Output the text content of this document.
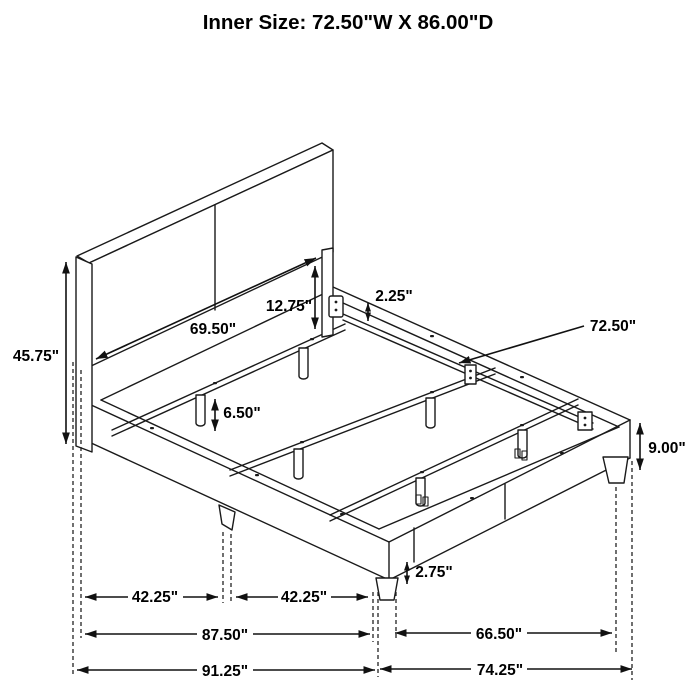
45.75"
69.50"
12.75"
2.25"
72.50"
6.50"
9.00"
2.75"
42.25"	42.25"
87.50"	66.50"
91.25"	74.25"
Inner Size: 72.50"W X 86.00"D
